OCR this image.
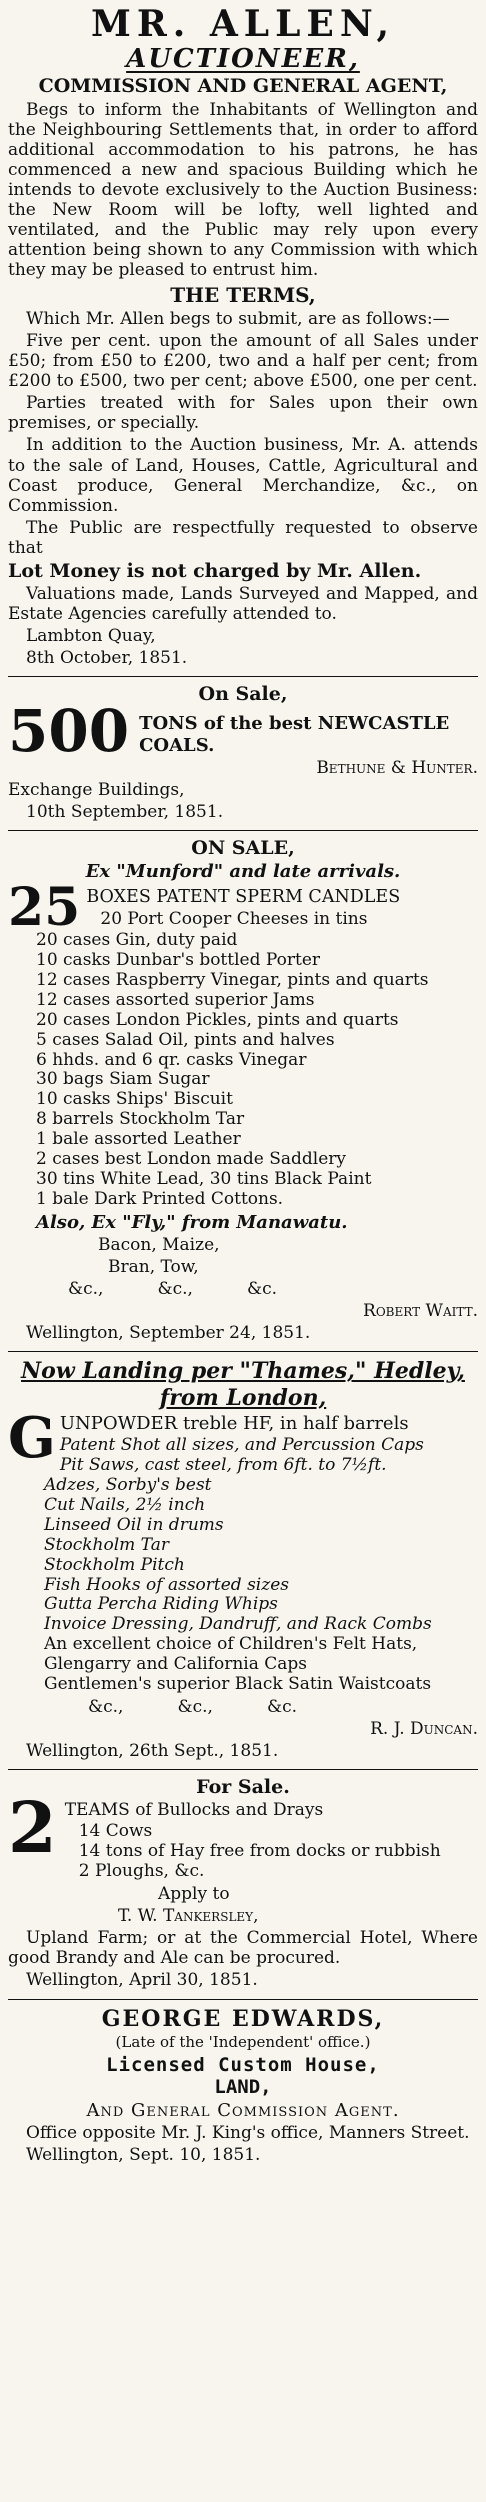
MR. ALLEN,
AUCTIONEER,
COMMISSION AND GENERAL AGENT,
Begs to inform the Inhabitants of Wellington and the Neighbouring Settlements that, in order to afford additional accommodation to his patrons, he has commenced a new and spacious Building which he intends to devote exclusively to the Auction Business: the New Room will be lofty, well lighted and ventilated, and the Public may rely upon every attention being shown to any Commission with which they may be pleased to entrust him.
THE TERMS,
Which Mr. Allen begs to submit, are as follows:—
Five per cent. upon the amount of all Sales under £50; from £50 to £200, two and a half per cent; from £200 to £500, two per cent; above £500, one per cent.
Parties treated with for Sales upon their own premises, or specially.
In addition to the Auction business, Mr. A. attends to the sale of Land, Houses, Cattle, Agricultural and Coast produce, General Merchandize, &c., on Commission.
The Public are respectfully requested to observe that
Lot Money is not charged by Mr. Allen.
Valuations made, Lands Surveyed and Mapped, and Estate Agencies carefully attended to.
Lambton Quay,
8th October, 1851.
On Sale,
500 TONS of the best NEWCASTLE COALS.
Bethune & Hunter.
Exchange Buildings,
10th September, 1851.
ON SALE,
Ex "Munford" and late arrivals.
25 BOXES PATENT SPERM CANDLES
20 Port Cooper Cheeses in tins
20 cases Gin, duty paid
10 casks Dunbar's bottled Porter
12 cases Raspberry Vinegar, pints and quarts
12 cases assorted superior Jams
20 cases London Pickles, pints and quarts
5 cases Salad Oil, pints and halves
6 hhds. and 6 qr. casks Vinegar
30 bags Siam Sugar
10 casks Ships' Biscuit
8 barrels Stockholm Tar
1 bale assorted Leather
2 cases best London made Saddlery
30 tins White Lead, 30 tins Black Paint
1 bale Dark Printed Cottons.
Also, Ex "Fly," from Manawatu.
Bacon, Maize,
Bran, Tow,
&c.,          &c.,          &c.
Robert Waitt.
Wellington, September 24, 1851.
Now Landing per "Thames," Hedley, from London,
G UNPOWDER treble HF, in half barrels
Patent Shot all sizes, and Percussion Caps
Pit Saws, cast steel, from 6ft. to 7½ft.
Adzes, Sorby's best
Cut Nails, 2½ inch
Linseed Oil in drums
Stockholm Tar
Stockholm Pitch
Fish Hooks of assorted sizes
Gutta Percha Riding Whips
Invoice Dressing, Dandruff, and Rack Combs
An excellent choice of Children's Felt Hats, Glengarry and California Caps
Gentlemen's superior Black Satin Waistcoats
&c.,          &c.,          &c.
R. J. Duncan.
Wellington, 26th Sept., 1851.
For Sale.
2 TEAMS of Bullocks and Drays
14 Cows
14 tons of Hay free from docks or rubbish
2 Ploughs, &c.
Apply to
T. W. Tankersley,
Upland Farm; or at the Commercial Hotel, Where good Brandy and Ale can be procured.
Wellington, April 30, 1851.
GEORGE EDWARDS,
(Late of the 'Independent' office.)
Licensed Custom House,
LAND,
And General Commission Agent.
Office opposite Mr. J. King's office, Manners Street.
Wellington, Sept. 10, 1851.
